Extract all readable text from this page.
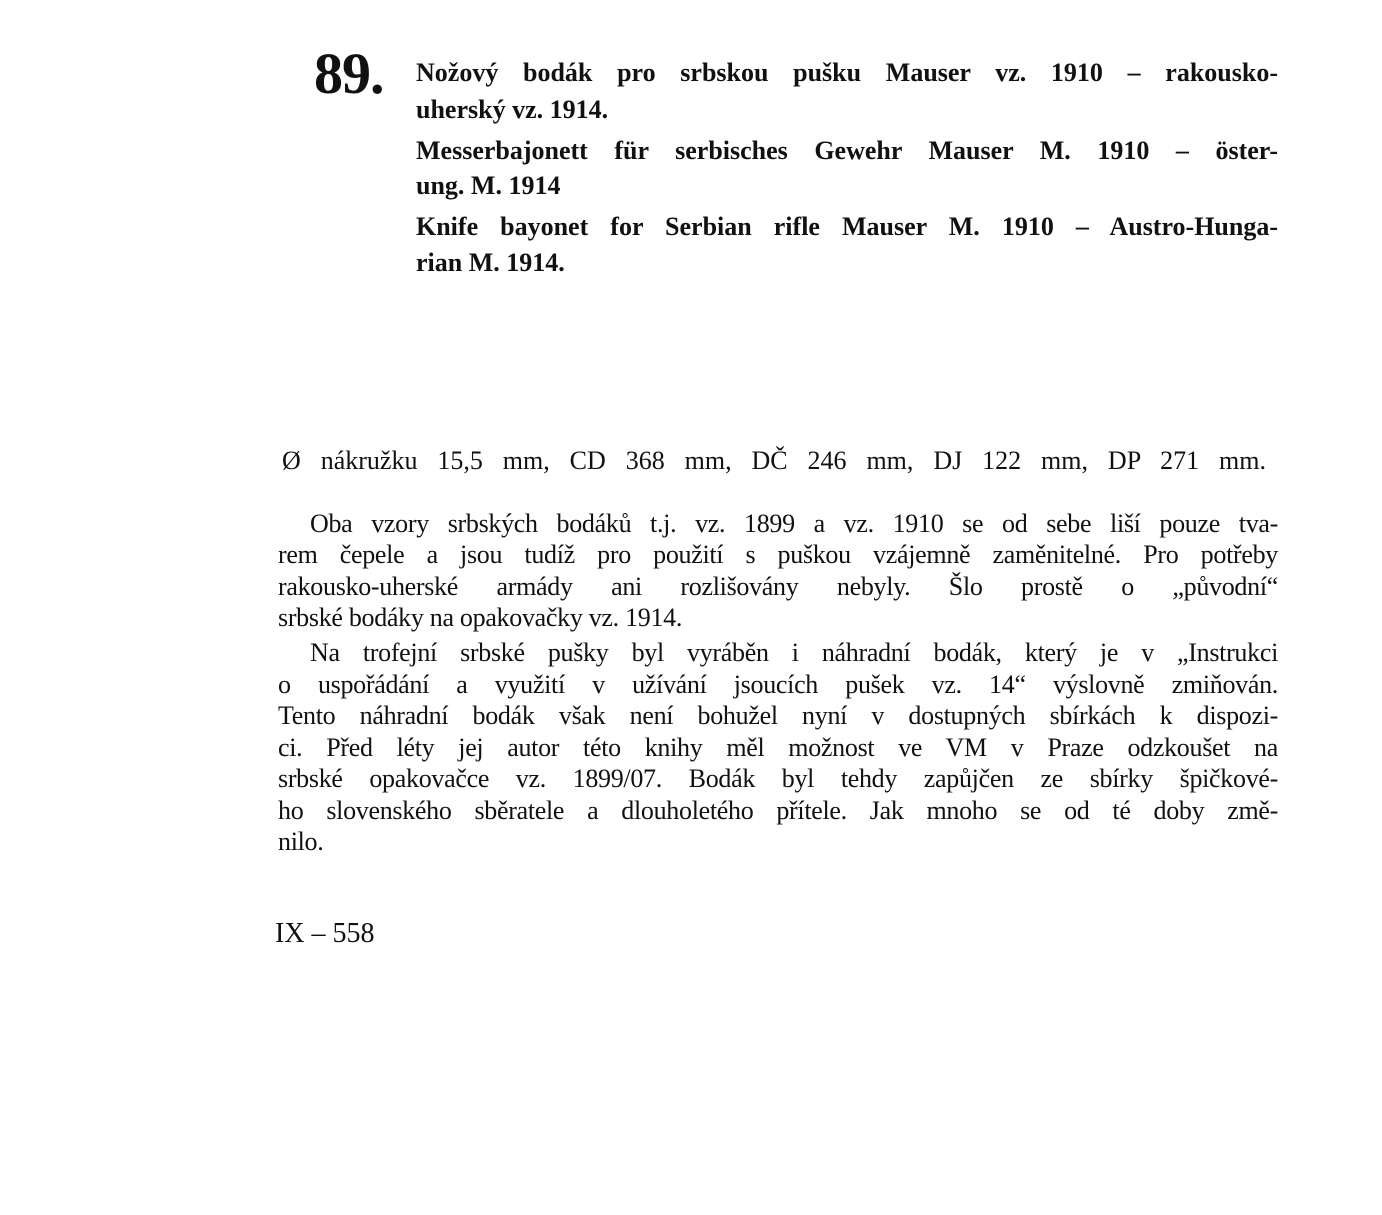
89. Nožový bodák pro srbskou pušku Mauser vz. 1910 – rakousko-
uherský vz. 1914.
Messerbajonett für serbisches Gewehr Mauser M. 1910 – öster-
ung. M. 1914
Knife bayonet for Serbian rifle Mauser M. 1910 – Austro-Hunga-
rian M. 1914.
Ø nákružku 15,5 mm, CD 368 mm, DČ 246 mm, DJ 122 mm, DP 271 mm.
Oba vzory srbských bodáků t.j. vz. 1899 a vz. 1910 se od sebe liší pouze tva-
rem čepele a jsou tudíž pro použití s puškou vzájemně zaměnitelné. Pro potřeby
rakousko-uherské armády ani rozlišovány nebyly. Šlo prostě o „původní“
srbské bodáky na opakovačky vz. 1914.
Na trofejní srbské pušky byl vyráběn i náhradní bodák, který je v „Instrukci
o uspořádání a využití v užívání jsoucích pušek vz. 14“ výslovně zmiňován.
Tento náhradní bodák však není bohužel nyní v dostupných sbírkách k dispozi-
ci. Před léty jej autor této knihy měl možnost ve VM v Praze odzkoušet na
srbské opakovačce vz. 1899/07. Bodák byl tehdy zapůjčen ze sbírky špičkové-
ho slovenského sběratele a dlouholetého přítele. Jak mnoho se od té doby změ-
nilo.
IX – 558
